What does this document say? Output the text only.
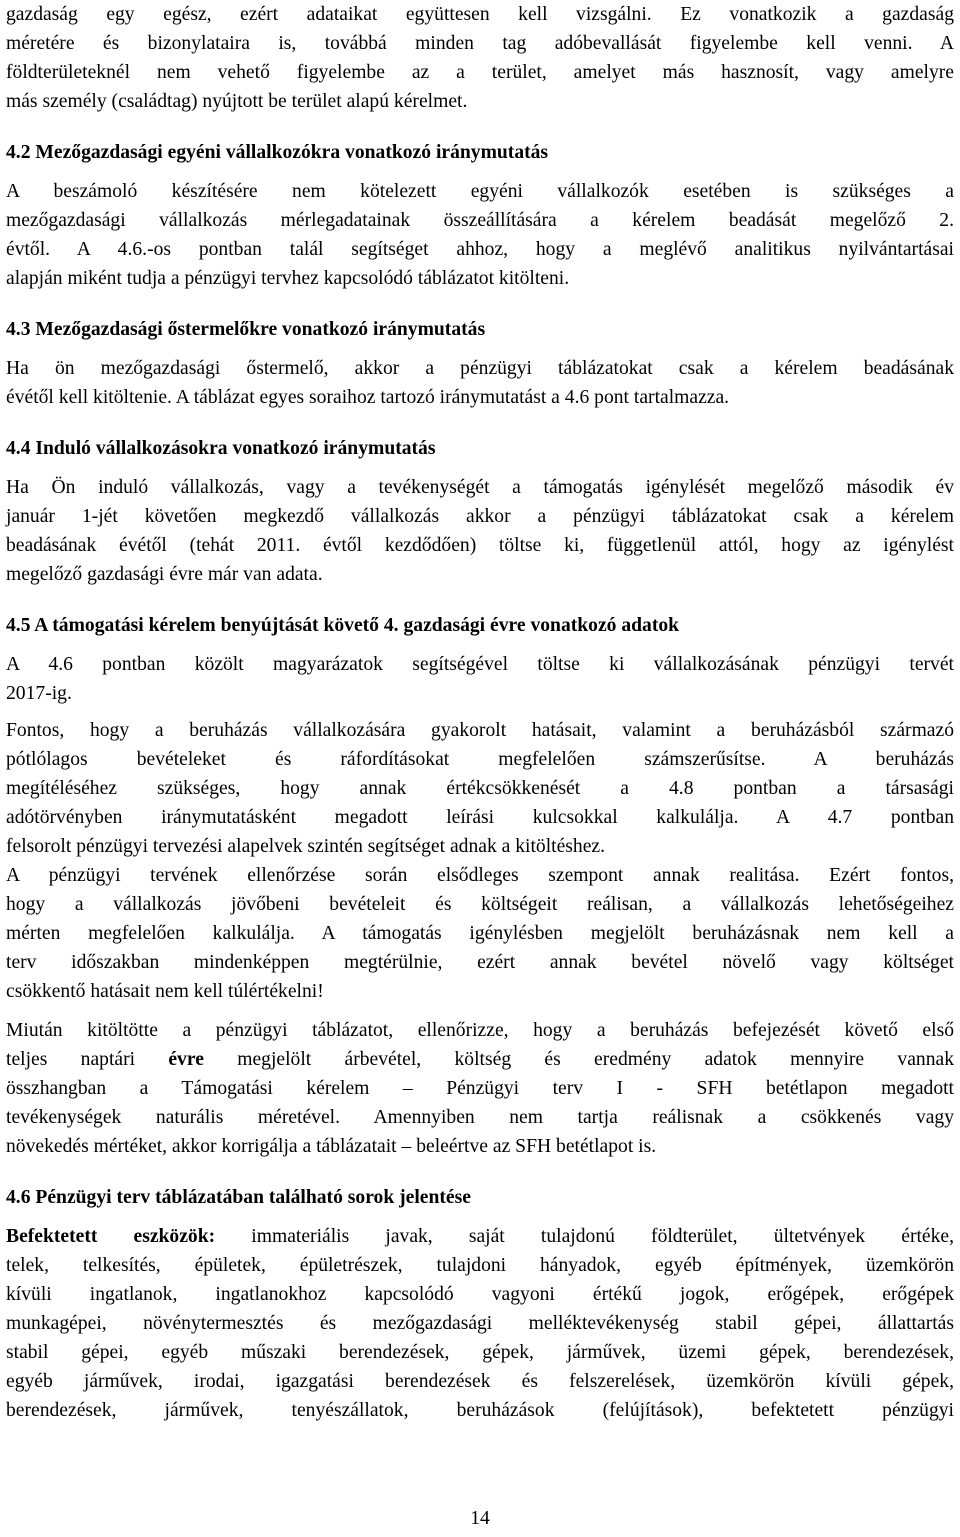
gazdaság egy egész, ezért adataikat együttesen kell vizsgálni. Ez vonatkozik a gazdaság
méretére és bizonylataira is, továbbá minden tag adóbevallását figyelembe kell venni. A
földterületeknél nem vehető figyelembe az a terület, amelyet más hasznosít, vagy amelyre
más személy (családtag) nyújtott be terület alapú kérelmet.
4.2 Mezőgazdasági egyéni vállalkozókra vonatkozó iránymutatás
A beszámoló készítésére nem kötelezett egyéni vállalkozók esetében is szükséges a
mezőgazdasági vállalkozás mérlegadatainak összeállítására a kérelem beadását megelőző 2.
évtől. A 4.6.-os pontban talál segítséget ahhoz, hogy a meglévő analitikus nyilvántartásai
alapján miként tudja a pénzügyi tervhez kapcsolódó táblázatot kitölteni.
4.3 Mezőgazdasági őstermelőkre vonatkozó iránymutatás
Ha ön mezőgazdasági őstermelő, akkor a pénzügyi táblázatokat csak a kérelem beadásának
évétől kell kitöltenie. A táblázat egyes soraihoz tartozó iránymutatást a 4.6 pont tartalmazza.
4.4 Induló vállalkozásokra vonatkozó iránymutatás
Ha Ön induló vállalkozás, vagy a tevékenységét a támogatás igénylését megelőző második év
január 1-jét követően megkezdő vállalkozás akkor a pénzügyi táblázatokat csak a kérelem
beadásának évétől (tehát 2011. évtől kezdődően) töltse ki, függetlenül attól, hogy az igénylést
megelőző gazdasági évre már van adata.
4.5 A támogatási kérelem benyújtását követő 4. gazdasági évre vonatkozó adatok
A 4.6 pontban közölt magyarázatok segítségével töltse ki vállalkozásának pénzügyi tervét
2017-ig.
Fontos, hogy a beruházás vállalkozására gyakorolt hatásait, valamint a beruházásból származó
pótlólagos bevételeket és ráfordításokat megfelelően számszerűsítse. A beruházás
megítéléséhez szükséges, hogy annak értékcsökkenését a 4.8 pontban a társasági
adótörvényben iránymutatásként megadott leírási kulcsokkal kalkulálja. A 4.7 pontban
felsorolt pénzügyi tervezési alapelvek szintén segítséget adnak a kitöltéshez.
A pénzügyi tervének ellenőrzése során elsődleges szempont annak realitása. Ezért fontos,
hogy a vállalkozás jövőbeni bevételeit és költségeit reálisan, a vállalkozás lehetőségeihez
mérten megfelelően kalkulálja. A támogatás igénylésben megjelölt beruházásnak nem kell a
terv időszakban mindenképpen megtérülnie, ezért annak bevétel növelő vagy költséget
csökkentő hatásait nem kell túlértékelni!
Miután kitöltötte a pénzügyi táblázatot, ellenőrizze, hogy a beruházás befejezését követő első
teljes naptári évre megjelölt árbevétel, költség és eredmény adatok mennyire vannak
összhangban a Támogatási kérelem – Pénzügyi terv I - SFH betétlapon megadott
tevékenységek naturális méretével. Amennyiben nem tartja reálisnak a csökkenés vagy
növekedés mértéket, akkor korrigálja a táblázatait – beleértve az SFH betétlapot is.
4.6 Pénzügyi terv táblázatában található sorok jelentése
Befektetett eszközök: immateriális javak, saját tulajdonú földterület, ültetvények értéke,
telek, telkesítés, épületek, épületrészek, tulajdoni hányadok, egyéb építmények, üzemkörön
kívüli ingatlanok, ingatlanokhoz kapcsolódó vagyoni értékű jogok, erőgépek, erőgépek
munkagépei, növénytermesztés és mezőgazdasági melléktevékenység stabil gépei, állattartás
stabil gépei, egyéb műszaki berendezések, gépek, járművek, üzemi gépek, berendezések,
egyéb járművek, irodai, igazgatási berendezések és felszerelések, üzemkörön kívüli gépek,
berendezések, járművek, tenyészállatok, beruházások (felújítások), befektetett pénzügyi
14
